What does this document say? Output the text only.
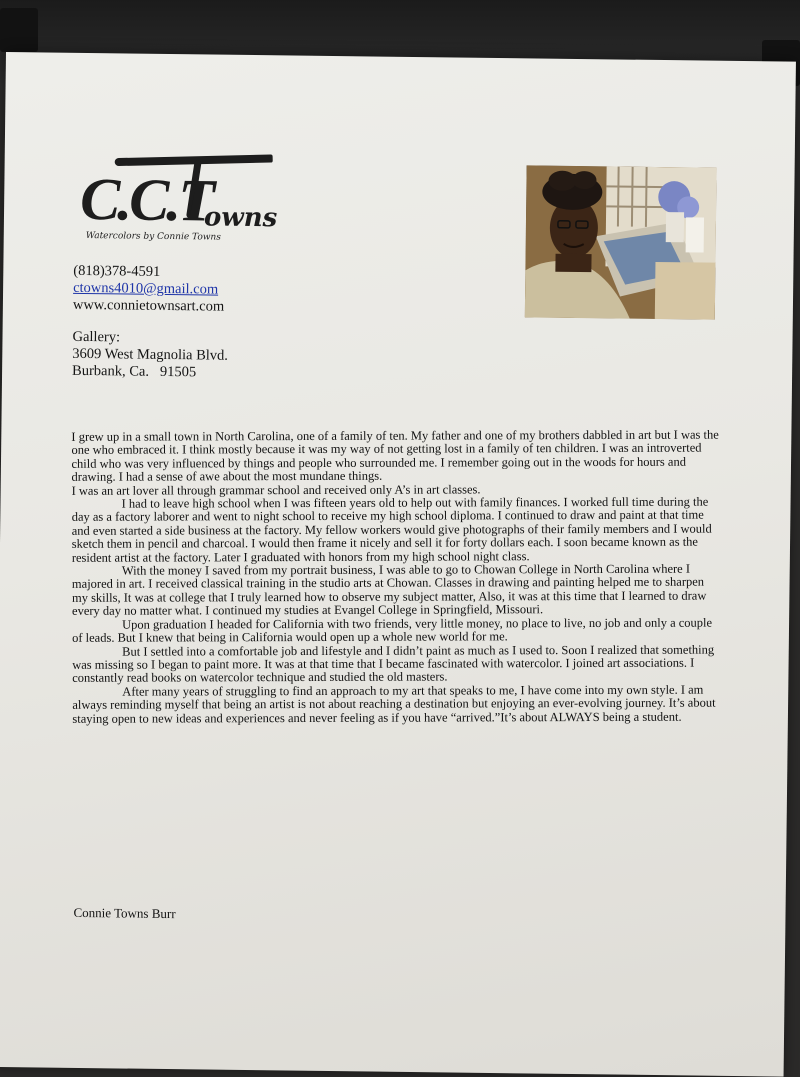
C.C.T
owns
Watercolors by Connie Towns
(818)378-4591
ctowns4010@gmail.com
www.connietownsart.com
Gallery:
3609 West Magnolia Blvd.
Burbank, Ca.   91505

I grew up in a small town in North Carolina, one of a family of ten. My father and one of my brothers dabbled in art but I was the one who embraced it. I think mostly because it was my way of not getting lost in a family of ten children. I was an introverted child who was very influenced by things and people who surrounded me. I remember going out in the woods for hours and drawing. I had a sense of awe about the most mundane things.

I was an art lover all through grammar school and received only A’s in art classes.

I had to leave high school when I was fifteen years old to help out with family finances. I worked full time during the day as a factory laborer and went to night school to receive my high school diploma. I continued to draw and paint at that time and even started a side business at the factory. My fellow workers would give photographs of their family members and I would sketch them in pencil and charcoal. I would then frame it nicely and sell it for forty dollars each. I soon became known as the resident artist at the factory. Later I graduated with honors from my high school night class.

With the money I saved from my portrait business, I was able to go to Chowan College in North Carolina where I majored in art. I received classical training in the studio arts at Chowan. Classes in drawing and painting helped me to sharpen my skills, It was at college that I truly learned how to observe my subject matter, Also, it was at this time that I learned to draw every day no matter what. I continued my studies at Evangel College in Springfield, Missouri.

Upon graduation I headed for California with two friends, very little money, no place to live, no job and only a couple of leads. But I knew that being in California would open up a whole new world for me.

But I settled into a comfortable job and lifestyle and I didn’t paint as much as I used to. Soon I realized that something was missing so I began to paint more. It was at that time that I became fascinated with watercolor. I joined art associations. I constantly read books on watercolor technique and studied the old masters.

After many years of struggling to find an approach to my art that speaks to me, I have come into my own style. I am always reminding myself that being an artist is not about reaching a destination but enjoying an ever-evolving journey. It’s about staying open to new ideas and experiences and never feeling as if you have “arrived.”It’s about ALWAYS being a student.

Connie Towns Burr
